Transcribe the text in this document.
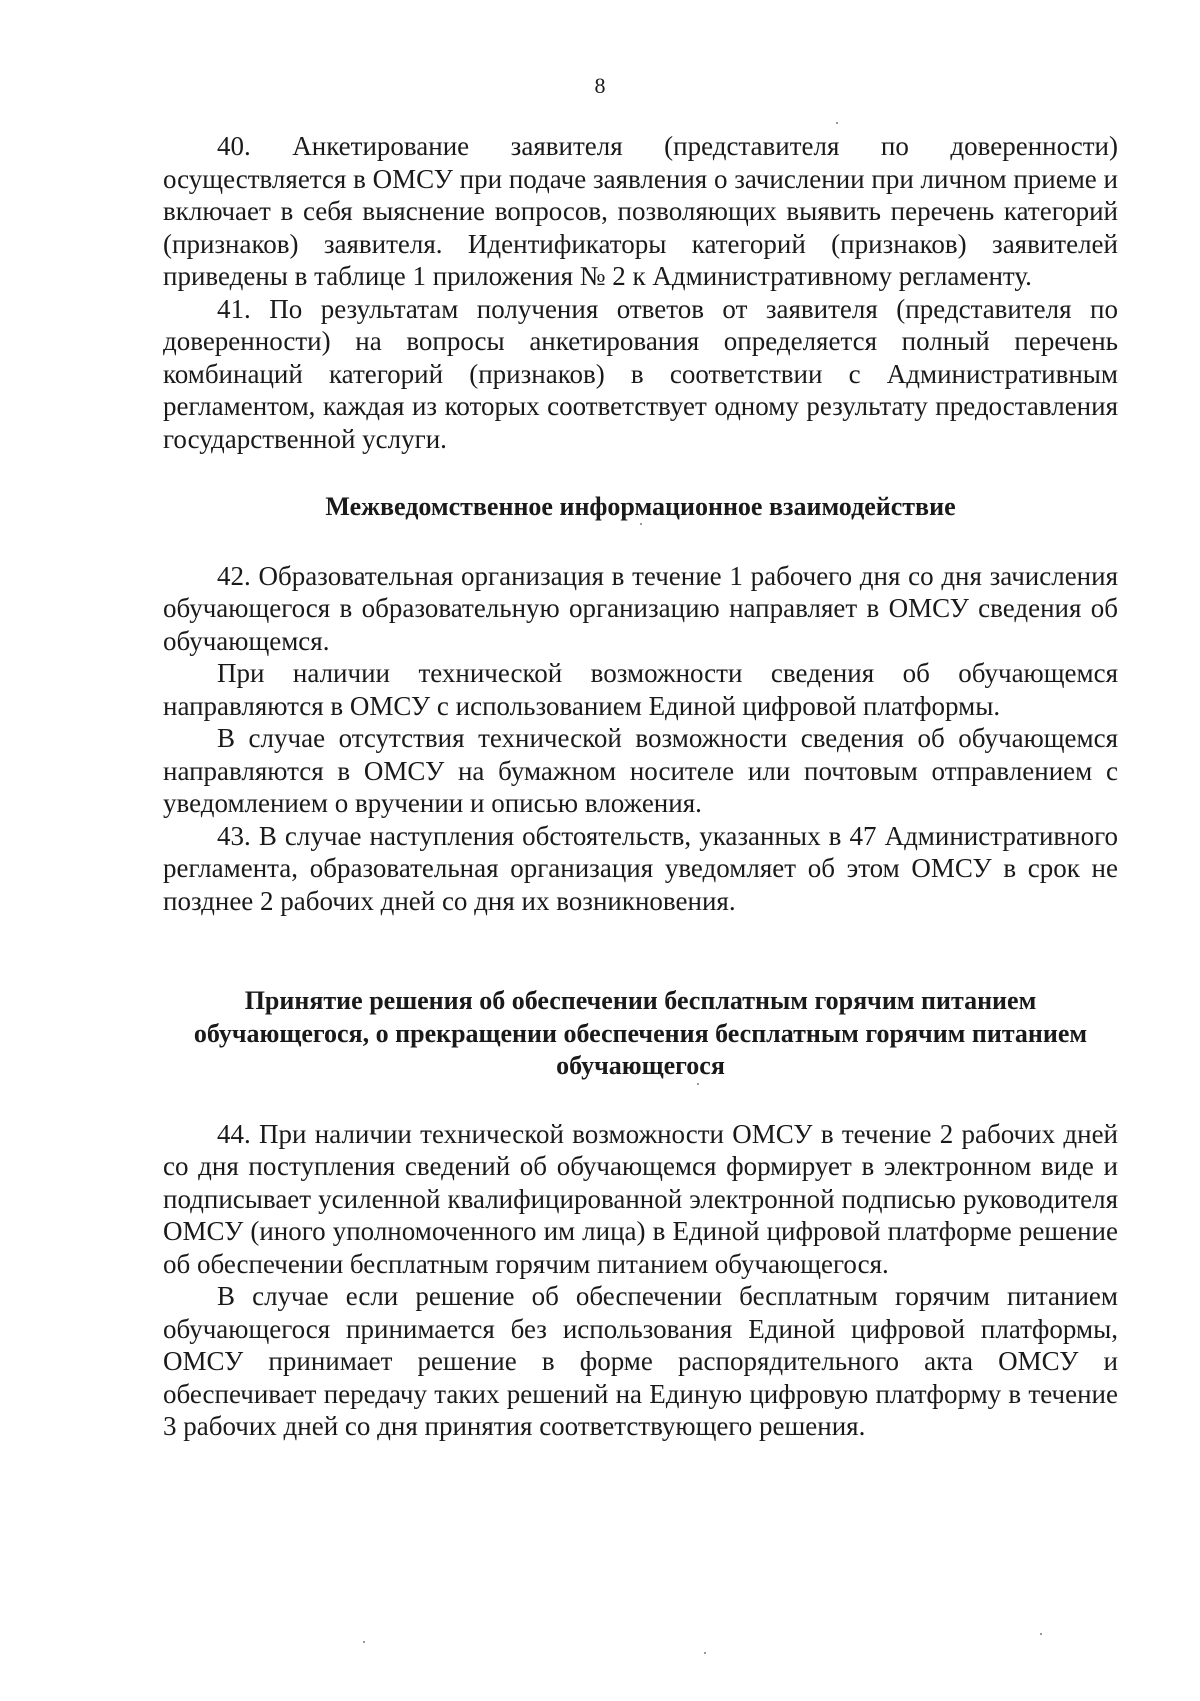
8

40. Анкетирование заявителя (представителя по доверенности) осуществляется в ОМСУ при подаче заявления о зачислении при личном приеме и включает в себя выяснение вопросов, позволяющих выявить перечень категорий (признаков) заявителя. Идентификаторы категорий (признаков) заявителей приведены в таблице 1 приложения № 2 к Административному регламенту.

41. По результатам получения ответов от заявителя (представителя по доверенности) на вопросы анкетирования определяется полный перечень комбинаций категорий (признаков) в соответствии с Административным регламентом, каждая из которых соответствует одному результату предоставления государственной услуги.

Межведомственное информационное взаимодействие

42. Образовательная организация в течение 1 рабочего дня со дня зачисления обучающегося в образовательную организацию направляет в ОМСУ сведения об обучающемся.

При наличии технической возможности сведения об обучающемся направляются в ОМСУ с использованием Единой цифровой платформы.

В случае отсутствия технической возможности сведения об обучающемся направляются в ОМСУ на бумажном носителе или почтовым отправлением с уведомлением о вручении и описью вложения.

43. В случае наступления обстоятельств, указанных в 47 Административного регламента, образовательная организация уведомляет об этом ОМСУ в срок не позднее 2 рабочих дней со дня их возникновения.

Принятие решения об обеспечении бесплатным горячим питанием обучающегося, о прекращении обеспечения бесплатным горячим питанием обучающегося

44. При наличии технической возможности ОМСУ в течение 2 рабочих дней со дня поступления сведений об обучающемся формирует в электронном виде и подписывает усиленной квалифицированной электронной подписью руководителя ОМСУ (иного уполномоченного им лица) в Единой цифровой платформе решение об обеспечении бесплатным горячим питанием обучающегося.

В случае если решение об обеспечении бесплатным горячим питанием обучающегося принимается без использования Единой цифровой платформы, ОМСУ принимает решение в форме распорядительного акта ОМСУ и обеспечивает передачу таких решений на Единую цифровую платформу в течение 3 рабочих дней со дня принятия соответствующего решения.
